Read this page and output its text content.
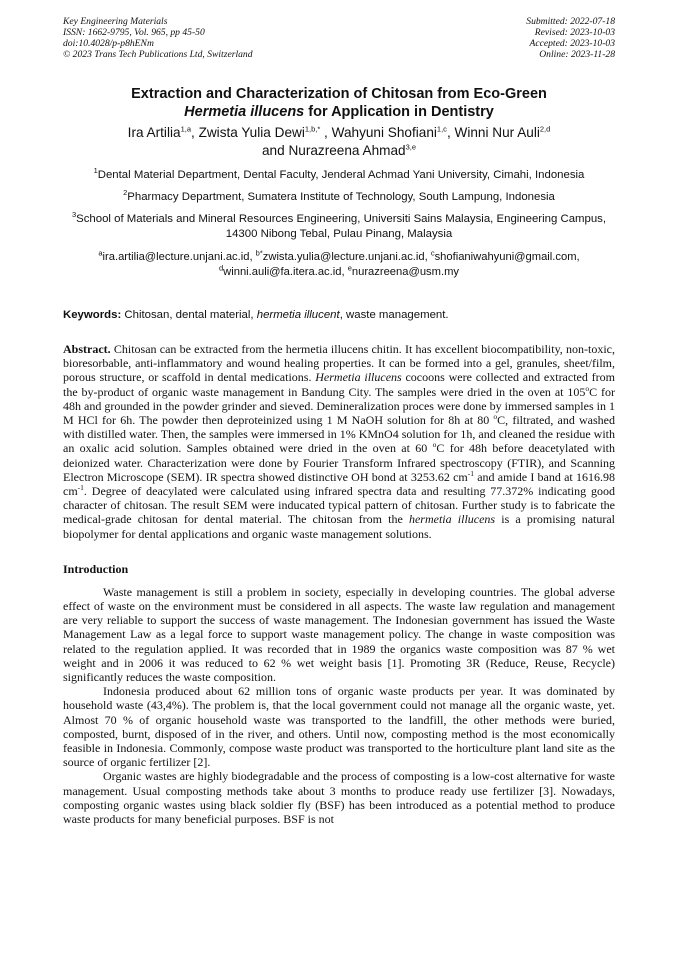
Key Engineering Materials
ISSN: 1662-9795, Vol. 965, pp 45-50
doi:10.4028/p-p8hENm
© 2023 Trans Tech Publications Ltd, Switzerland
Submitted: 2022-07-18
Revised: 2023-10-03
Accepted: 2023-10-03
Online: 2023-11-28
Extraction and Characterization of Chitosan from Eco-Green
Hermetia illucens for Application in Dentistry
Ira Artilia$^{1,a}$, Zwista Yulia Dewi$^{1,b,*}$ , Wahyuni Shofiani$^{1,c}$, Winni Nur Auli$^{2,d}$
and Nurazreena Ahmad$^{3,e}$
$^1$Dental Material Department, Dental Faculty, Jenderal Achmad Yani University, Cimahi, Indonesia
$^2$Pharmacy Department, Sumatera Institute of Technology, South Lampung, Indonesia
$^3$School of Materials and Mineral Resources Engineering, Universiti Sains Malaysia, Engineering Campus, 14300 Nibong Tebal, Pulau Pinang, Malaysia
$^a$ira.artilia@lecture.unjani.ac.id, $^{b*}$zwista.yulia@lecture.unjani.ac.id, $^c$shofianiwahyuni@gmail.com,
$^d$winni.auli@fa.itera.ac.id, $^e$nurazreena@usm.my
Keywords: Chitosan, dental material, hermetia illucent, waste management.
Abstract. Chitosan can be extracted from the hermetia illucens chitin. It has excellent biocompatibility, non-toxic, bioresorbable, anti-inflammatory and wound healing properties. It can be formed into a gel, granules, sheet/film, porous structure, or scaffold in dental medications. Hermetia illucens cocoons were collected and extracted from the by-product of organic waste management in Bandung City. The samples were dried in the oven at 105$^o$C for 48h and grounded in the powder grinder and sieved. Demineralization proces were done by immersed samples in 1 M HCl for 6h. The powder then deproteinized using 1 M NaOH solution for 8h at 80 $^o$C, filtrated, and washed with distilled water. Then, the samples were immersed in 1% KMnO4 solution for 1h, and cleaned the residue with an oxalic acid solution. Samples obtained were dried in the oven at 60 $^o$C for 48h before deacetylated with deionized water. Characterization were done by Fourier Transform Infrared spectroscopy (FTIR), and Scanning Electron Microscope (SEM). IR spectra showed distinctive OH bond at 3253.62 $cm^{-1}$ and amide I band at 1616.98 $cm^{-1}$. Degree of deacylated were calculated using infrared spectra data and resulting 77.372% indicating good character of chitosan. The result SEM were inducated typical pattern of chitosan. Further study is to fabricate the medical-grade chitosan for dental material. The chitosan from the hermetia illucens is a promising natural biopolymer for dental applications and organic waste management solutions.
Introduction

Waste management is still a problem in society, especially in developing countries. The global adverse effect of waste on the environment must be considered in all aspects. The waste law regulation and management are very reliable to support the success of waste management. The Indonesian government has issued the Waste Management Law as a legal force to support waste management policy. The change in waste composition was related to the regulation applied. It was recorded that in 1989 the organics waste composition was 87 % wet weight and in 2006 it was reduced to 62 % wet weight basis [1]. Promoting 3R (Reduce, Reuse, Recycle) significantly reduces the waste composition.

Indonesia produced about 62 million tons of organic waste products per year. It was dominated by household waste (43,4%). The problem is, that the local government could not manage all the organic waste, yet. Almost 70 % of organic household waste was transported to the landfill, the other methods were buried, composted, burnt, disposed of in the river, and others. Until now, composting method is the most economically feasible in Indonesia. Commonly, compose waste product was transported to the horticulture plant land site as the source of organic fertilizer [2].

Organic wastes are highly biodegradable and the process of composting is a low-cost alternative for waste management. Usual composting methods take about 3 months to produce ready use fertilizer [3]. Nowadays, composting organic wastes using black soldier fly (BSF) has been introduced as a potential method to produce waste products for many beneficial purposes. BSF is not
